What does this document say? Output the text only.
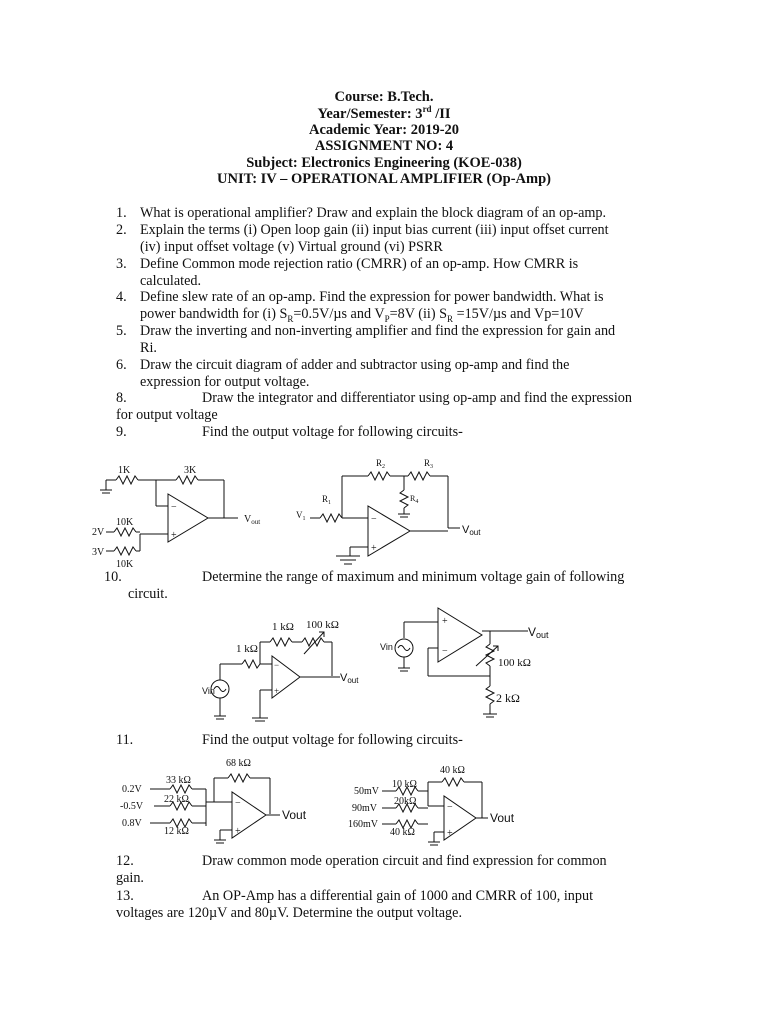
Course: B.Tech.
Year/Semester: 3rd /II
Academic Year: 2019-20
ASSIGNMENT NO: 4
Subject: Electronics Engineering (KOE-038)
UNIT: IV – OPERATIONAL AMPLIFIER (Op-Amp)
1. What is operational amplifier? Draw and explain the block diagram of an op-amp.
2. Explain the terms (i) Open loop gain (ii) input bias current (iii) input offset current
(iv) input offset voltage (v) Virtual ground (vi) PSRR
3. Define Common mode rejection ratio (CMRR) of an op-amp. How CMRR is
calculated.
4. Define slew rate of an op-amp. Find the expression for power bandwidth. What is
power bandwidth for (i) $S_R=0.5V/\mu s$ and $V_P=8V$ (ii) $S_R =15V/\mu s$ and Vp=10V
5. Draw the inverting and non-inverting amplifier and find the expression for gain and
Ri.
6. Draw the circuit diagram of adder and subtractor using op-amp and find the
expression for output voltage.
8.	Draw the integrator and differentiator using op-amp and find the expression
for output voltage
9.	Find the output voltage for following circuits-
1K	3K
−
+
$V_{out}$
2V
10K
3V
10K
$R_2$	$R_3$
$R_4$
$V_1$
$R_1$
−
+
Vout
10.	Determine the range of maximum and minimum voltage gain of following
circuit.
1 kΩ 100 kΩ
1 kΩ
−
+
Vout
Vin
+
−
Vout
Vin
100 kΩ
2 kΩ
11.	Find the output voltage for following circuits-
68 kΩ
0.2V
33 kΩ
-0.5V
22 kΩ
0.8V
12 kΩ
−
+
Vout
40 kΩ
50mV
10 kΩ
90mV
20kΩ
160mV
40 kΩ
−
+
Vout
12.	Draw common mode operation circuit and find expression for common
gain.
13.	An OP-Amp has a differential gain of 1000 and CMRR of 100, input
voltages are 120µV and 80µV. Determine the output voltage.
